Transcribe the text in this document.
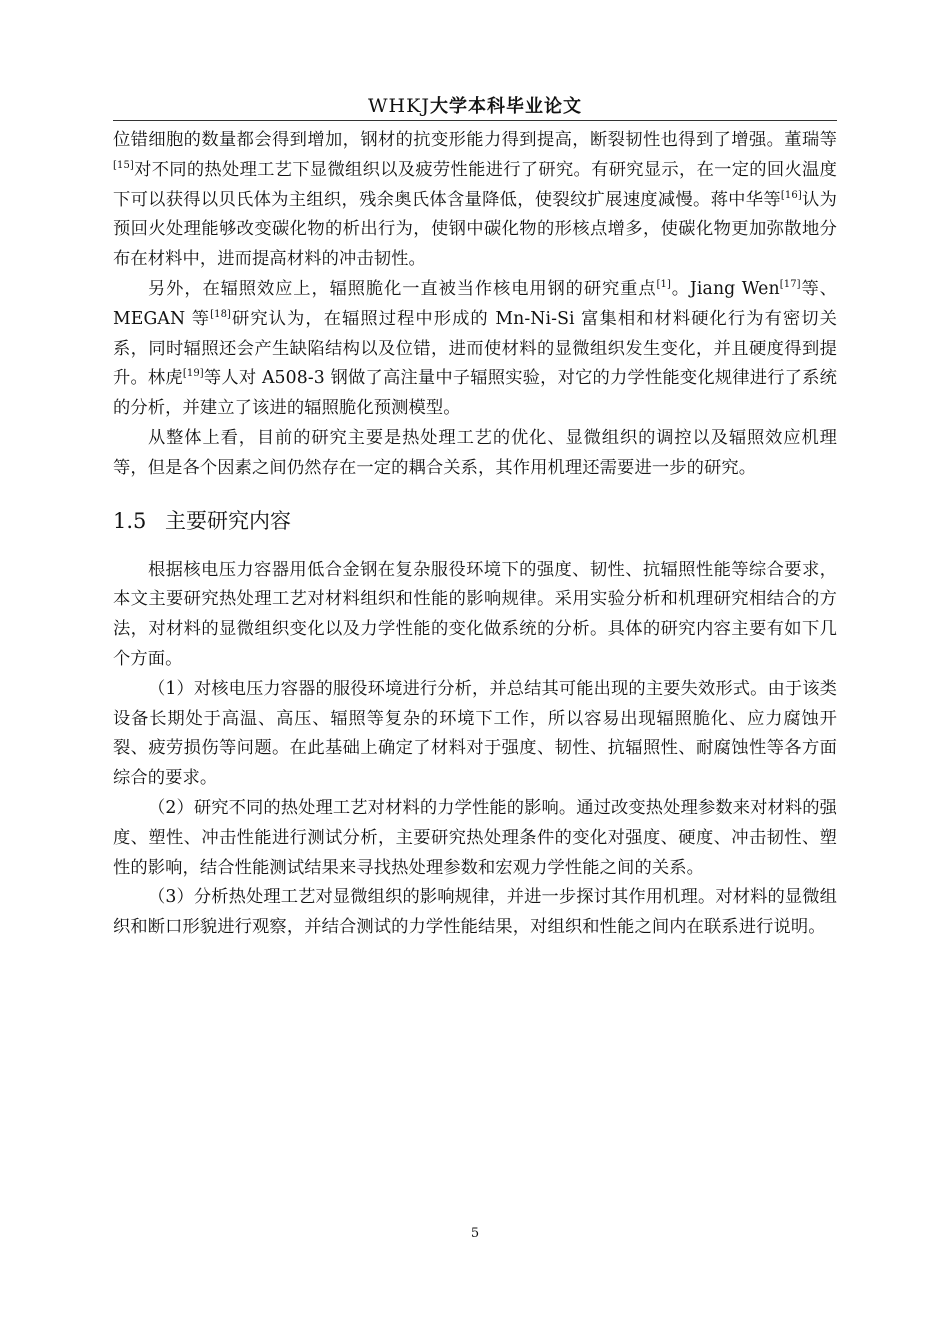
WHKJ大学本科毕业论文

位错细胞的数量都会得到增加，钢材的抗变形能力得到提高，断裂韧性也得到了增强。董瑞等[15]对不同的热处理工艺下显微组织以及疲劳性能进行了研究。有研究显示，在一定的回火温度下可以获得以贝氏体为主组织，残余奥氏体含量降低，使裂纹扩展速度减慢。蒋中华等[16]认为预回火处理能够改变碳化物的析出行为，使钢中碳化物的形核点增多，使碳化物更加弥散地分布在材料中，进而提高材料的冲击韧性。

另外，在辐照效应上，辐照脆化一直被当作核电用钢的研究重点[1]。Jiang Wen[17]等、MEGAN 等[18]研究认为，在辐照过程中形成的 Mn-Ni-Si 富集相和材料硬化行为有密切关系，同时辐照还会产生缺陷结构以及位错，进而使材料的显微组织发生变化，并且硬度得到提升。林虎[19]等人对 A508-3 钢做了高注量中子辐照实验，对它的力学性能变化规律进行了系统的分析，并建立了该进的辐照脆化预测模型。

从整体上看，目前的研究主要是热处理工艺的优化、显微组织的调控以及辐照效应机理等，但是各个因素之间仍然存在一定的耦合关系，其作用机理还需要进一步的研究。

1.5 主要研究内容

根据核电压力容器用低合金钢在复杂服役环境下的强度、韧性、抗辐照性能等综合要求，本文主要研究热处理工艺对材料组织和性能的影响规律。采用实验分析和机理研究相结合的方法，对材料的显微组织变化以及力学性能的变化做系统的分析。具体的研究内容主要有如下几个方面。

（1）对核电压力容器的服役环境进行分析，并总结其可能出现的主要失效形式。由于该类设备长期处于高温、高压、辐照等复杂的环境下工作，所以容易出现辐照脆化、应力腐蚀开裂、疲劳损伤等问题。在此基础上确定了材料对于强度、韧性、抗辐照性、耐腐蚀性等各方面综合的要求。

（2）研究不同的热处理工艺对材料的力学性能的影响。通过改变热处理参数来对材料的强度、塑性、冲击性能进行测试分析，主要研究热处理条件的变化对强度、硬度、冲击韧性、塑性的影响，结合性能测试结果来寻找热处理参数和宏观力学性能之间的关系。

（3）分析热处理工艺对显微组织的影响规律，并进一步探讨其作用机理。对材料的显微组织和断口形貌进行观察，并结合测试的力学性能结果，对组织和性能之间内在联系进行说明。

5
